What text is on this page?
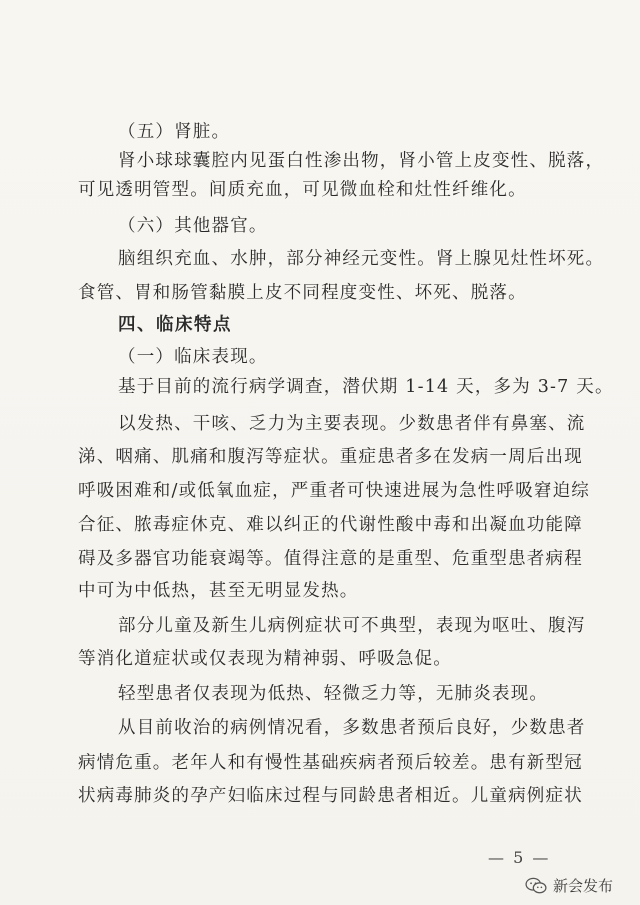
（五）肾脏。
肾小球球囊腔内见蛋白性渗出物，肾小管上皮变性、脱落，
可见透明管型。间质充血，可见微血栓和灶性纤维化。
（六）其他器官。
脑组织充血、水肿，部分神经元变性。肾上腺见灶性坏死。
食管、胃和肠管黏膜上皮不同程度变性、坏死、脱落。
四、临床特点
（一）临床表现。
基于目前的流行病学调查，潜伏期 1-14 天，多为 3-7 天。
以发热、干咳、乏力为主要表现。少数患者伴有鼻塞、流
涕、咽痛、肌痛和腹泻等症状。重症患者多在发病一周后出现
呼吸困难和/或低氧血症，严重者可快速进展为急性呼吸窘迫综
合征、脓毒症休克、难以纠正的代谢性酸中毒和出凝血功能障
碍及多器官功能衰竭等。值得注意的是重型、危重型患者病程
中可为中低热，甚至无明显发热。
部分儿童及新生儿病例症状可不典型，表现为呕吐、腹泻
等消化道症状或仅表现为精神弱、呼吸急促。
轻型患者仅表现为低热、轻微乏力等，无肺炎表现。
从目前收治的病例情况看，多数患者预后良好，少数患者
病情危重。老年人和有慢性基础疾病者预后较差。患有新型冠
状病毒肺炎的孕产妇临床过程与同龄患者相近。儿童病例症状
— 5 —
新会发布
